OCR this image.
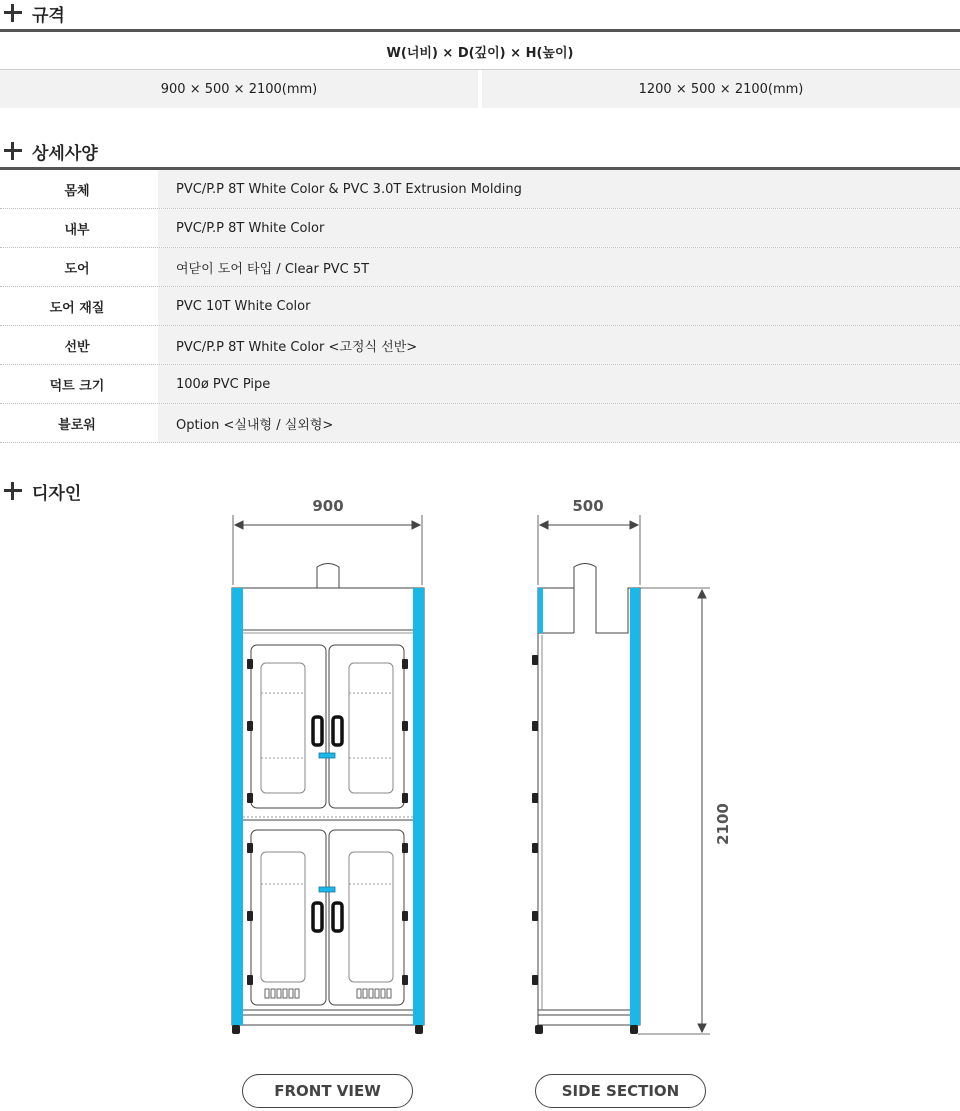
규격
W(너비) × D(깊이) × H(높이)
900 × 500 × 2100(mm)	1200 × 500 × 2100(mm)
상세사양
몸체	PVC/P.P 8T White Color & PVC 3.0T Extrusion Molding
내부	PVC/P.P 8T White Color
도어	여닫이 도어 타입 / Clear PVC 5T
도어 재질	PVC 10T White Color
선반	PVC/P.P 8T White Color <고정식 선반>
덕트 크기	100ø PVC Pipe
블로워	Option <실내형 / 실외형>
디자인
900	500
2100
FRONT VIEW	SIDE SECTION
